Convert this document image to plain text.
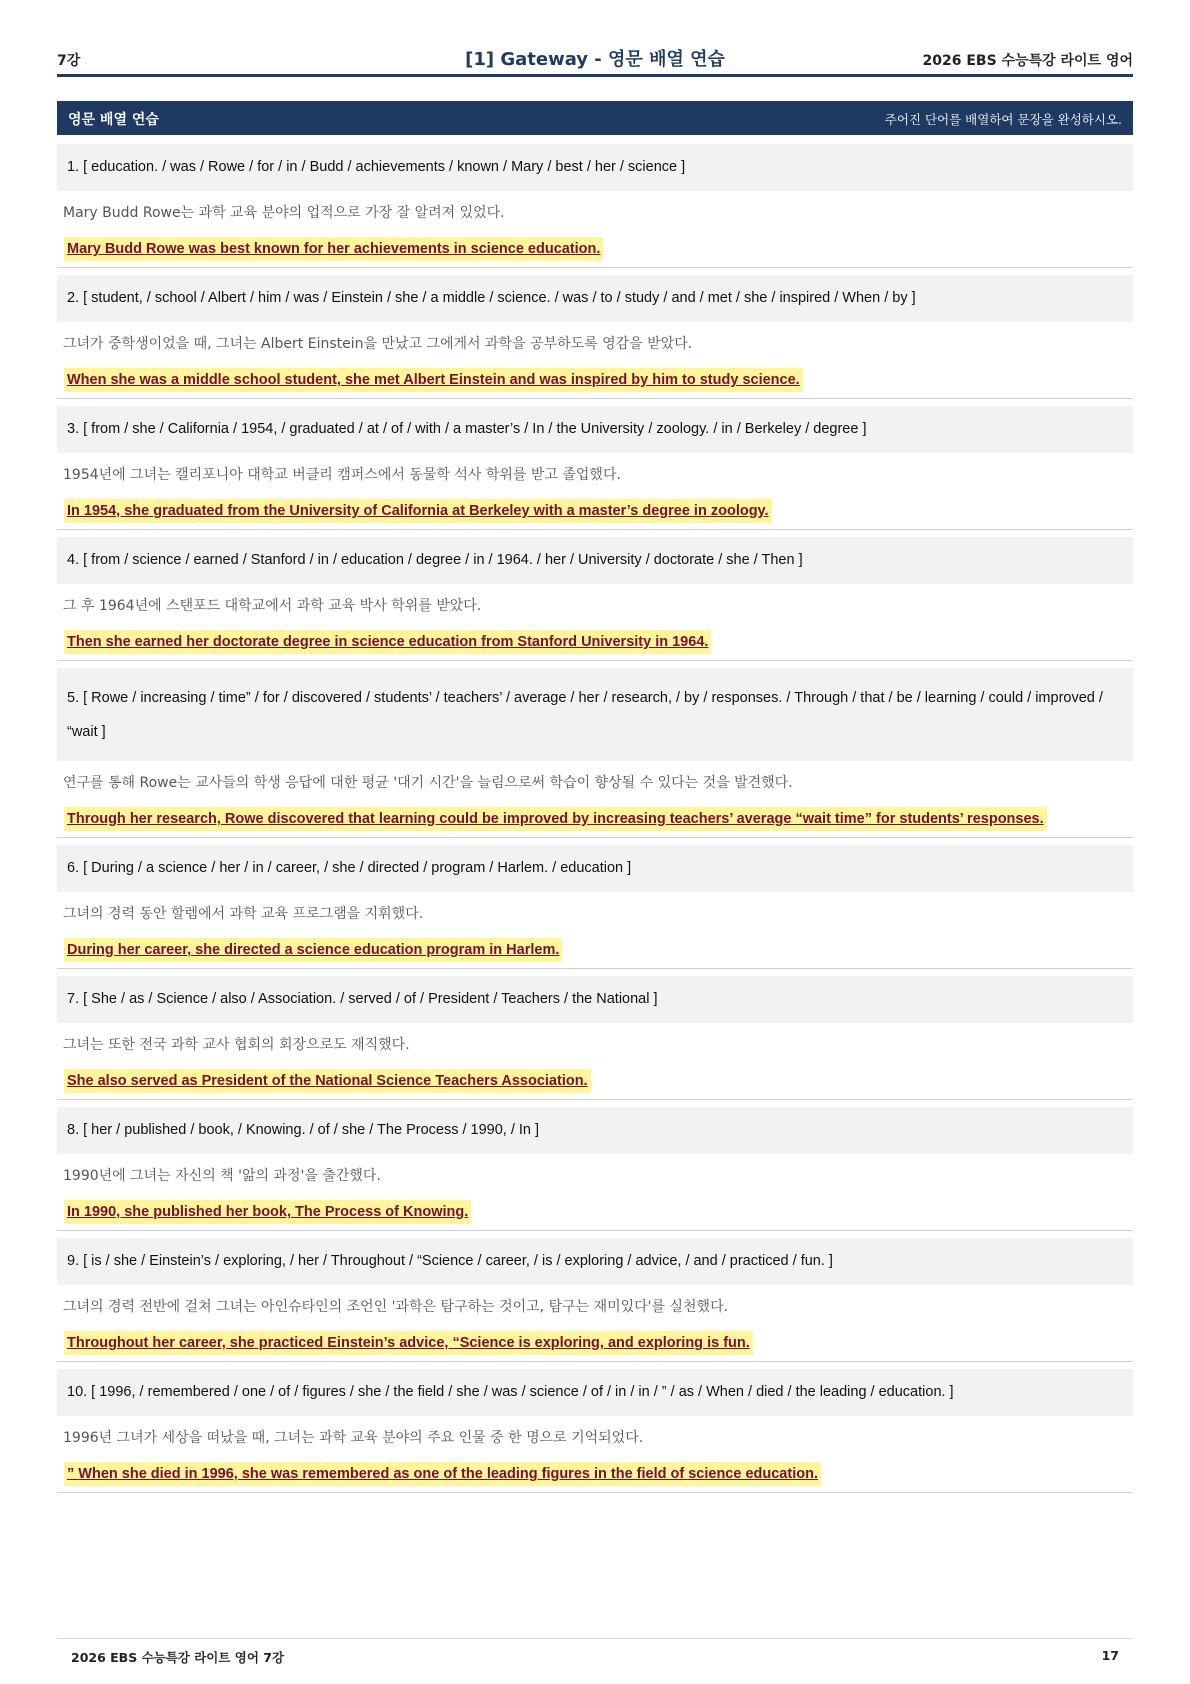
7강	[1] Gateway - 영문 배열 연습	2026 EBS 수능특강 라이트 영어
영문 배열 연습	주어진 단어를 배열하여 문장을 완성하시오.
1. [ education. / was / Rowe / for / in / Budd / achievements / known / Mary / best / her / science ]
Mary Budd Rowe는 과학 교육 분야의 업적으로 가장 잘 알려져 있었다.
Mary Budd Rowe was best known for her achievements in science education.
2. [ student, / school / Albert / him / was / Einstein / she / a middle / science. / was / to / study / and / met / she / inspired / When / by ]
그녀가 중학생이었을 때, 그녀는 Albert Einstein을 만났고 그에게서 과학을 공부하도록 영감을 받았다.
When she was a middle school student, she met Albert Einstein and was inspired by him to study science.
3. [ from / she / California / 1954, / graduated / at / of / with / a master’s / In / the University / zoology. / in / Berkeley / degree ]
1954년에 그녀는 캘리포니아 대학교 버클리 캠퍼스에서 동물학 석사 학위를 받고 졸업했다.
In 1954, she graduated from the University of California at Berkeley with a master’s degree in zoology.
4. [ from / science / earned / Stanford / in / education / degree / in / 1964. / her / University / doctorate / she / Then ]
그 후 1964년에 스탠포드 대학교에서 과학 교육 박사 학위를 받았다.
Then she earned her doctorate degree in science education from Stanford University in 1964.
5. [ Rowe / increasing / time” / for / discovered / students’ / teachers’ / average / her / research, / by / responses. / Through / that / be / learning / could / improved / “wait ]
연구를 통해 Rowe는 교사들의 학생 응답에 대한 평균 '대기 시간'을 늘림으로써 학습이 향상될 수 있다는 것을 발견했다.
Through her research, Rowe discovered that learning could be improved by increasing teachers’ average “wait time” for students’ responses.
6. [ During / a science / her / in / career, / she / directed / program / Harlem. / education ]
그녀의 경력 동안 할렘에서 과학 교육 프로그램을 지휘했다.
During her career, she directed a science education program in Harlem.
7. [ She / as / Science / also / Association. / served / of / President / Teachers / the National ]
그녀는 또한 전국 과학 교사 협회의 회장으로도 재직했다.
She also served as President of the National Science Teachers Association.
8. [ her / published / book, / Knowing. / of / she / The Process / 1990, / In ]
1990년에 그녀는 자신의 책 '앎의 과정'을 출간했다.
In 1990, she published her book, The Process of Knowing.
9. [ is / she / Einstein’s / exploring, / her / Throughout / “Science / career, / is / exploring / advice, / and / practiced / fun. ]
그녀의 경력 전반에 걸쳐 그녀는 아인슈타인의 조언인 '과학은 탐구하는 것이고, 탐구는 재미있다'를 실천했다.
Throughout her career, she practiced Einstein’s advice, “Science is exploring, and exploring is fun.
10. [ 1996, / remembered / one / of / figures / she / the field / she / was / science / of / in / in / ” / as / When / died / the leading / education. ]
1996년 그녀가 세상을 떠났을 때, 그녀는 과학 교육 분야의 주요 인물 중 한 명으로 기억되었다.
” When she died in 1996, she was remembered as one of the leading figures in the field of science education.
2026 EBS 수능특강 라이트 영어 7강	17
